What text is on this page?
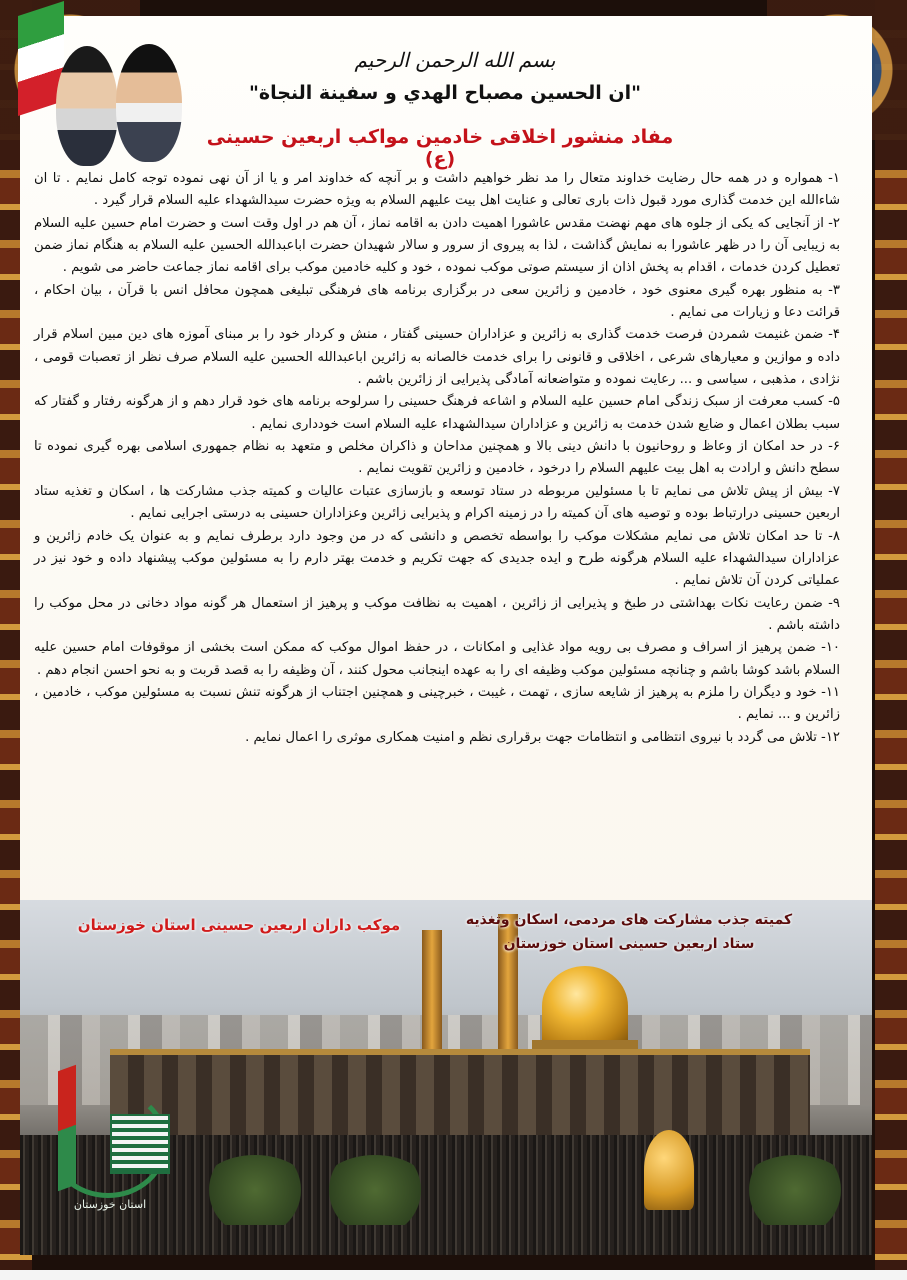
بسم الله الرحمن الرحیم
"ان الحسین مصباح الهدي و سفینة النجاة"
مفاد منشور اخلاقی خادمین مواکب اربعین حسینی (ع)

۱- همواره و در همه حال رضایت خداوند متعال را مد نظر خواهیم داشت و بر آنچه که خداوند امر و یا از آن نهی نموده توجه کامل نمایم . تا ان شاءالله این خدمت گذاری مورد قبول ذات باری تعالی و عنایت اهل بیت علیهم السلام به ویژه حضرت سیدالشهداء علیه السلام قرار گیرد .

۲- از آنجایی که یکی از جلوه های مهم نهضت مقدس عاشورا اهمیت دادن به اقامه نماز ، آن هم در اول وقت است و حضرت امام حسین علیه السلام به زیبایی آن را در ظهر عاشورا به نمایش گذاشت ، لذا به پیروی از سرور و سالار شهیدان حضرت اباعبدالله الحسین علیه السلام به هنگام نماز ضمن تعطیل کردن خدمات ، اقدام به پخش اذان از سیستم صوتی موکب نموده ، خود و کلیه خادمین موکب برای اقامه نماز جماعت حاضر می شویم .

۳- به منظور بهره گیری معنوی خود ، خادمین و زائرین سعی در برگزاری برنامه های فرهنگی تبلیغی همچون محافل انس با قرآن ، بیان احکام ، قرائت دعا و زیارات می نمایم .

۴- ضمن غنیمت شمردن فرصت خدمت گذاری به زائرین و عزاداران حسینی گفتار ، منش و کردار خود را بر مبنای آموزه های دین مبین اسلام قرار داده و موازین و معیارهای شرعی ، اخلاقی و قانونی را برای خدمت خالصانه به زائرین اباعبدالله الحسین علیه السلام صرف نظر از تعصبات قومی ، نژادی ، مذهبی ، سیاسی و ... رعایت نموده و متواضعانه آمادگی پذیرایی از زائرین باشم .

۵- کسب معرفت از سبک زندگی امام حسین علیه السلام و اشاعه فرهنگ حسینی را سرلوحه برنامه های خود قرار دهم و از هرگونه رفتار و گفتار که سبب بطلان اعمال و ضایع شدن خدمت به زائرین و عزاداران سیدالشهداء علیه السلام است خودداری نمایم .

۶- در حد امکان از وعاظ و روحانیون با دانش دینی بالا و همچنین مداحان و ذاکران مخلص و متعهد به نظام جمهوری اسلامی بهره گیری نموده تا سطح دانش و ارادت به اهل بیت علیهم السلام را درخود ، خادمین و زائرین تقویت نمایم .

۷- بیش از پیش تلاش می نمایم تا با مسئولین مربوطه در ستاد توسعه و بازسازی عتبات عالیات و کمیته جذب مشارکت ها ، اسکان و تغذیه ستاد اربعین حسینی درارتباط بوده و توصیه های آن کمیته را در زمینه اکرام و پذیرایی زائرین وعزاداران حسینی به درستی اجرایی نمایم .

۸- تا حد امکان تلاش می نمایم مشکلات موکب را بواسطه تخصص و دانشی که در من وجود دارد برطرف نمایم و به عنوان یک خادم زائرین و عزاداران سیدالشهداء علیه السلام هرگونه طرح و ایده جدیدی که جهت تکریم و خدمت بهتر دارم را به مسئولین موکب پیشنهاد داده و خود نیز در عملیاتی کردن آن تلاش نمایم .

۹- ضمن رعایت نکات بهداشتی در طبخ و پذیرایی از زائرین ، اهمیت به نظافت موکب و پرهیز از استعمال هر گونه مواد دخانی در محل موکب را داشته باشم .

۱۰- ضمن پرهیز از اسراف و مصرف بی رویه مواد غذایی و امکانات ، در حفظ اموال موکب که ممکن است بخشی از موقوفات امام حسین علیه السلام باشد کوشا باشم و چنانچه مسئولین موکب وظیفه ای را به عهده اینجانب محول کنند ، آن وظیفه را به قصد قربت و به نحو احسن انجام دهم .

۱۱- خود و دیگران را ملزم به پرهیز از شایعه سازی ، تهمت ، غیبت ، خبرچینی و همچنین اجتناب از هرگونه تنش نسبت به مسئولین موکب ، خادمین ، زائرین و ... نمایم .

۱۲- تلاش می گردد با نیروی انتظامی و انتظامات جهت برقراری نظم و امنیت همکاری موثری را اعمال نمایم .

موکب داران اربعین حسینی استان خوزستان	کمیته جذب مشارکت های مردمی، اسکان وتغذیه
ستاد اربعین حسینی استان خوزستان
استان خوزستان
